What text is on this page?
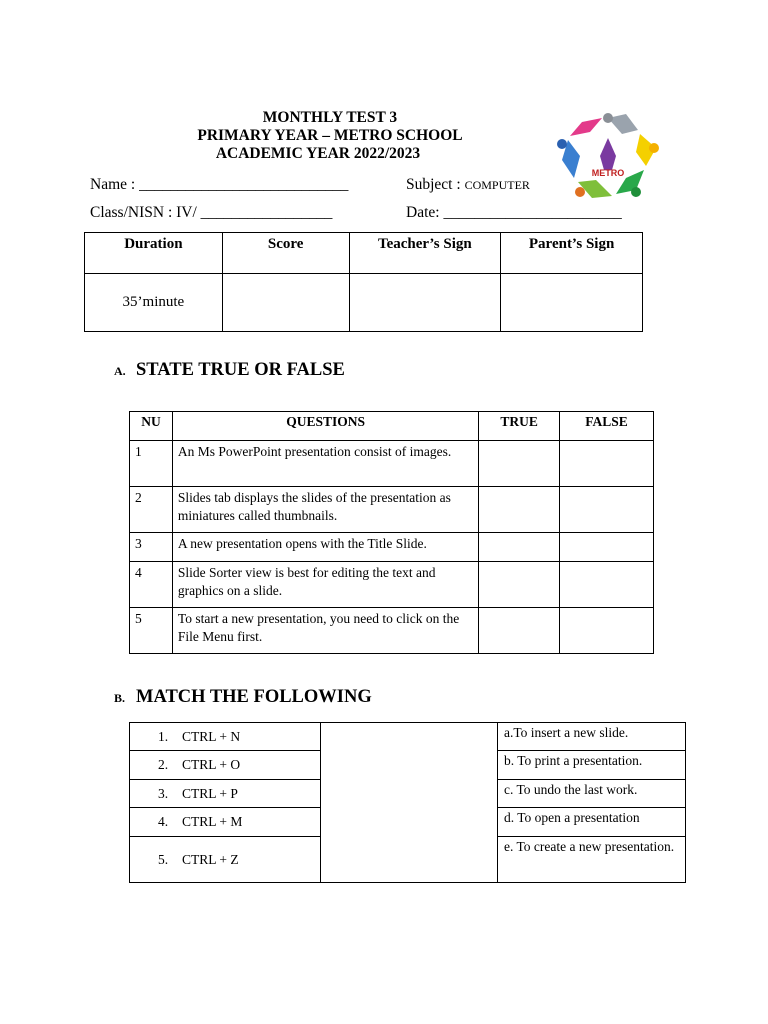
MONTHLY TEST 3
PRIMARY YEAR – METRO SCHOOL
ACADEMIC YEAR 2022/2023
METRO
Name : ___________________________	Subject : COMPUTER
Class/NISN : IV/ _________________	Date: _______________________
Duration	Score	Teacher’s Sign	Parent’s Sign
35’minute			
A. STATE TRUE OR FALSE
NU	QUESTIONS	TRUE	FALSE
1	An Ms PowerPoint presentation consist of images.		
2	Slides tab displays the slides of the presentation as miniatures called thumbnails.		
3	A new presentation opens with the Title Slide.		
4	Slide Sorter view is best for editing the text and graphics on a slide.		
5	To start a new presentation, you need to click on the File Menu first.		
B. MATCH THE FOLLOWING
1. CTRL + N		a.To insert a new slide.
2. CTRL + O		b. To print a presentation.
3. CTRL + P		c. To undo the last work.
4. CTRL + M		d. To open a presentation
5. CTRL + Z		e. To create a new presentation.
